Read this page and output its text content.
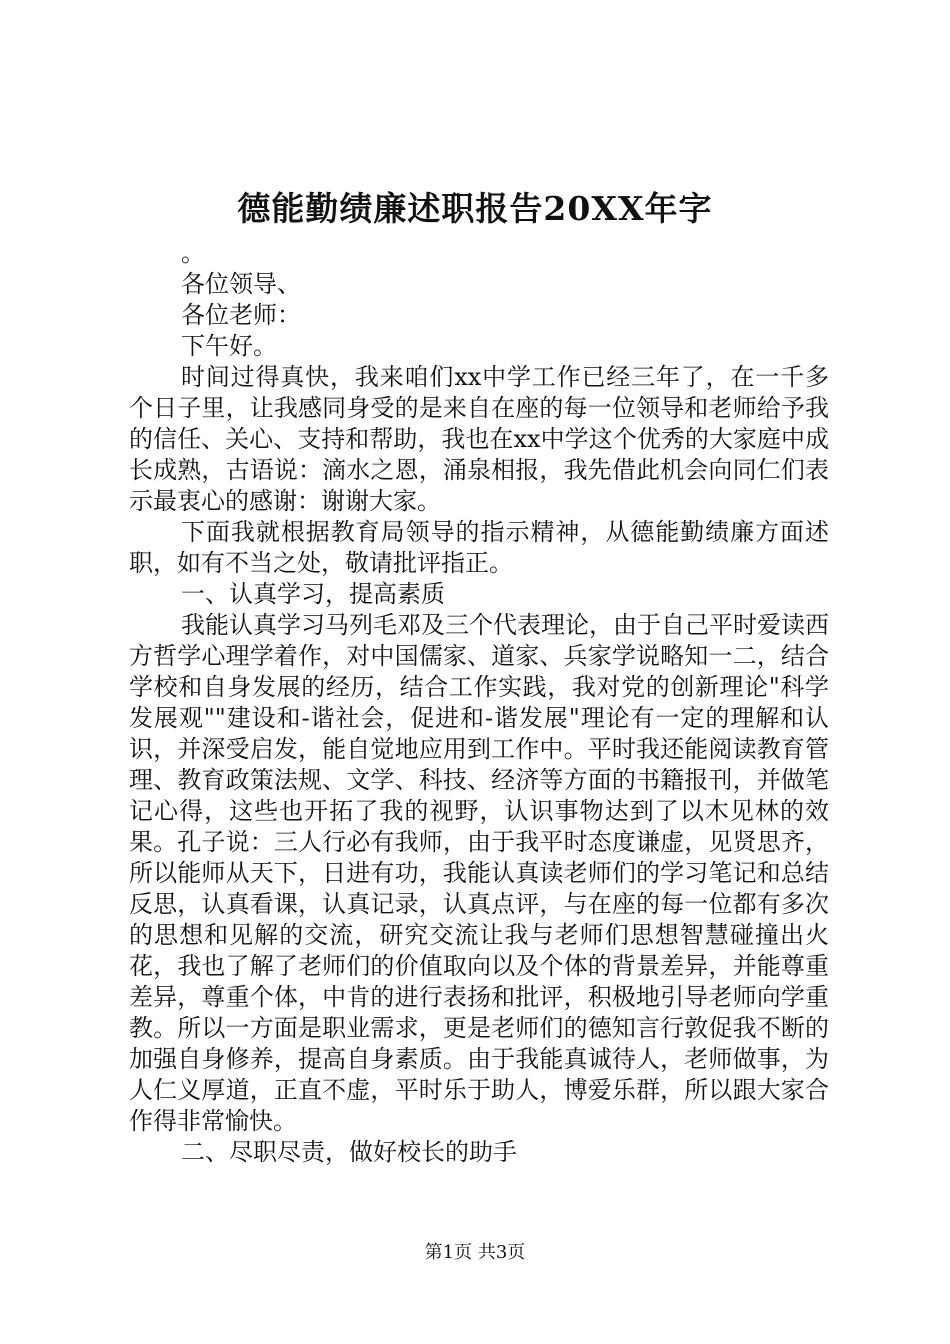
德能勤绩廉述职报告20XX年字

。

各位领导、

各位老师：

下午好。

时间过得真快，我来咱们xx中学工作已经三年了，在一千多个日子里，让我感同身受的是来自在座的每一位领导和老师给予我的信任、关心、支持和帮助，我也在xx中学这个优秀的大家庭中成长成熟，古语说：滴水之恩，涌泉相报，我先借此机会向同仁们表示最衷心的感谢：谢谢大家。

下面我就根据教育局领导的指示精神，从德能勤绩廉方面述职，如有不当之处，敬请批评指正。

一、认真学习，提高素质

我能认真学习马列毛邓及三个代表理论，由于自己平时爱读西方哲学心理学着作，对中国儒家、道家、兵家学说略知一二，结合学校和自身发展的经历，结合工作实践，我对党的创新理论"科学发展观""建设和-谐社会，促进和-谐发展"理论有一定的理解和认识，并深受启发，能自觉地应用到工作中。平时我还能阅读教育管理、教育政策法规、文学、科技、经济等方面的书籍报刊，并做笔记心得，这些也开拓了我的视野，认识事物达到了以木见林的效果。孔子说：三人行必有我师，由于我平时态度谦虚，见贤思齐，所以能师从天下，日进有功，我能认真读老师们的学习笔记和总结反思，认真看课，认真记录，认真点评，与在座的每一位都有多次的思想和见解的交流，研究交流让我与老师们思想智慧碰撞出火花，我也了解了老师们的价值取向以及个体的背景差异，并能尊重差异，尊重个体，中肯的进行表扬和批评，积极地引导老师向学重教。所以一方面是职业需求，更是老师们的德知言行敦促我不断的加强自身修养，提高自身素质。由于我能真诚待人，老师做事，为人仁义厚道，正直不虚，平时乐于助人，博爱乐群，所以跟大家合作得非常愉快。

二、尽职尽责，做好校长的助手

第1页 共3页
